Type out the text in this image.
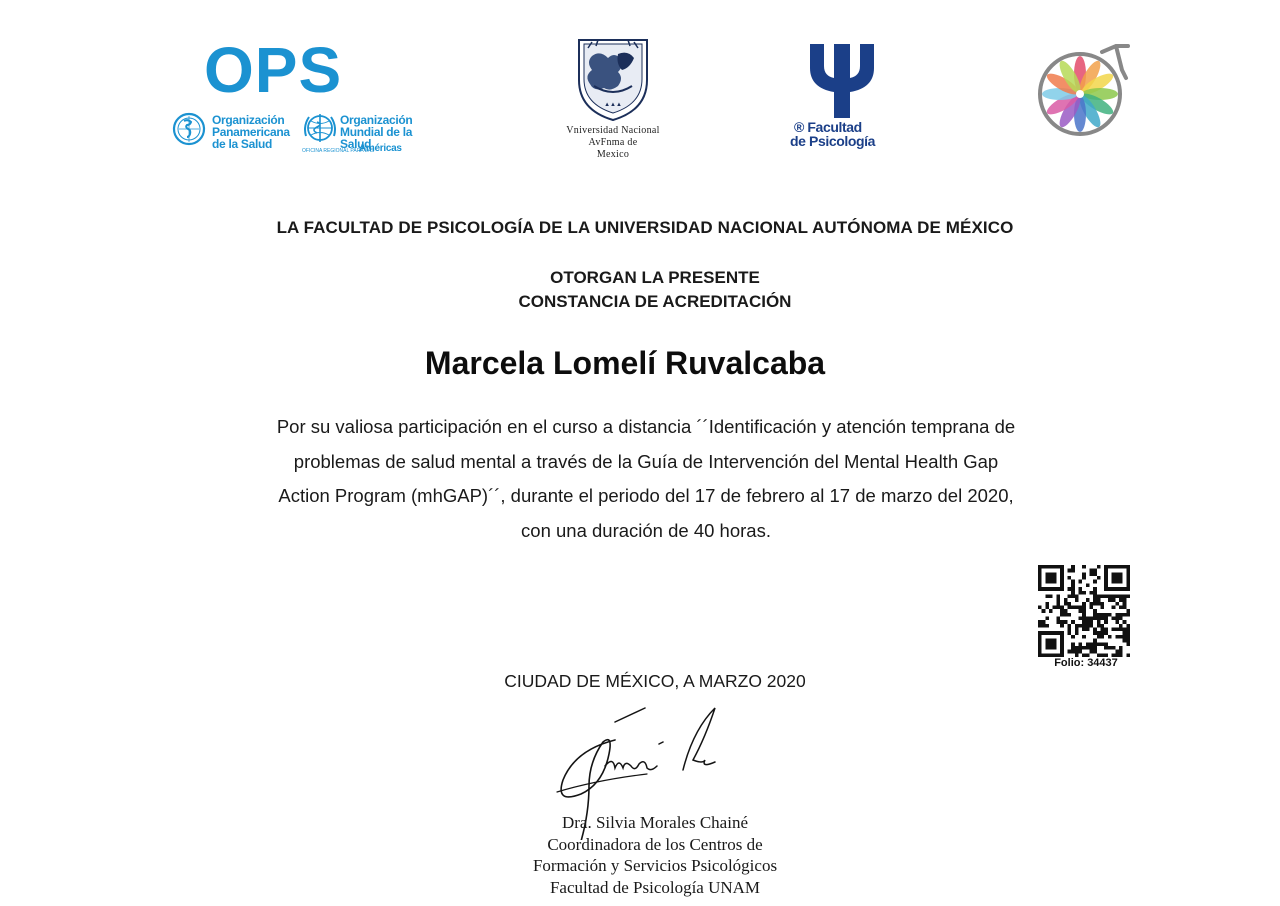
OPS
Organización
Panamericana
de la Salud
Organización
Mundial de la Salud
OFICINA REGIONAL PARA LAS
Américas
▲▲▲
Vniversidad Nacional
AvFnma de
Mexico
® Facultad
de Psicología
LA FACULTAD DE PSICOLOGÍA DE LA UNIVERSIDAD NACIONAL AUTÓNOMA DE MÉXICO
OTORGAN LA PRESENTE
CONSTANCIA DE ACREDITACIÓN
Marcela Lomelí Ruvalcaba
Por su valiosa participación en el curso a distancia ´´Identificación y atención temprana de
problemas de salud mental a través de la Guía de Intervención del Mental Health Gap
Action Program (mhGAP)´´, durante el periodo del 17 de febrero al 17 de marzo del 2020,
con una duración de 40 horas.
Folio: 34437
CIUDAD DE MÉXICO, A MARZO 2020
Dra. Silvia Morales Chainé
Coordinadora de los Centros de
Formación y Servicios Psicológicos
Facultad de Psicología UNAM
